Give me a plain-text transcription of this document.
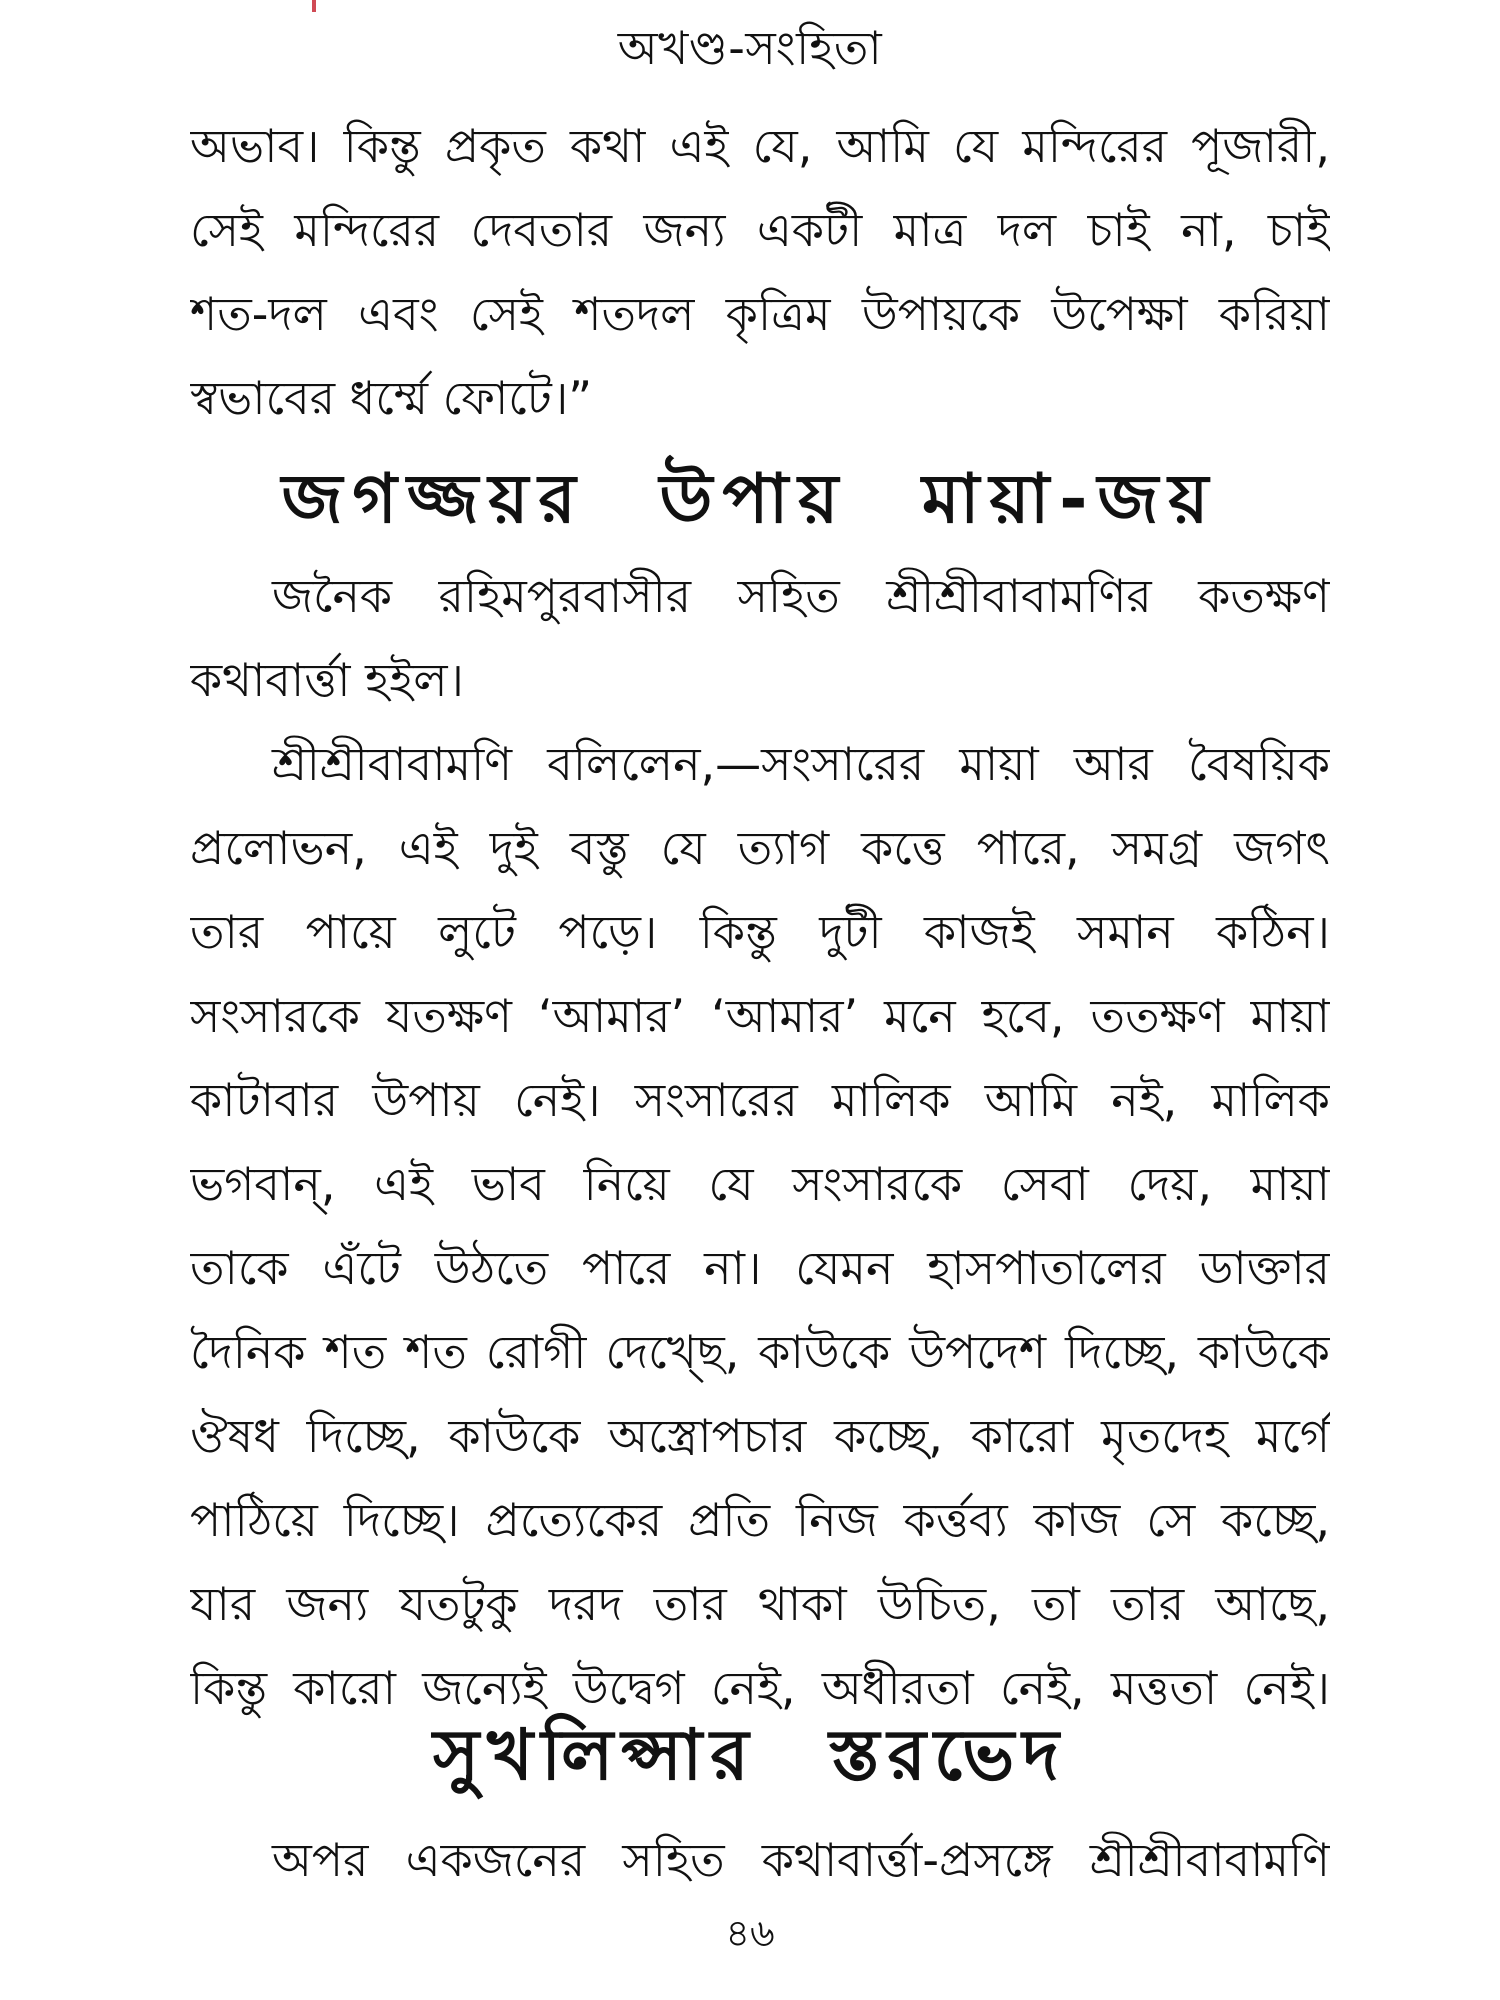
অখণ্ড-সংহিতা
অভাব। কিন্তু প্রকৃত কথা এই যে, আমি যে মন্দিরের পূজারী,
সেই মন্দিরের দেবতার জন্য একটী মাত্র দল চাই না, চাই
শত-দল এবং সেই শতদল কৃত্রিম উপায়কে উপেক্ষা করিয়া
স্বভাবের ধর্ম্মে ফোটে।”
জগজ্জয়র উপায় মায়া-জয়
জনৈক রহিমপুরবাসীর সহিত শ্রীশ্রীবাবামণির কতক্ষণ
কথাবার্ত্তা হইল।
শ্রীশ্রীবাবামণি বলিলেন,—সংসারের মায়া আর বৈষয়িক
প্রলোভন, এই দুই বস্তু যে ত্যাগ কত্তে পারে, সমগ্র জগৎ
তার পায়ে লুটে পড়ে। কিন্তু দুটী কাজই সমান কঠিন।
সংসারকে যতক্ষণ ‘আমার’ ‘আমার’ মনে হবে, ততক্ষণ মায়া
কাটাবার উপায় নেই। সংসারের মালিক আমি নই, মালিক
ভগবান্, এই ভাব নিয়ে যে সংসারকে সেবা দেয়, মায়া
তাকে এঁটে উঠতে পারে না। যেমন হাসপাতালের ডাক্তার
দৈনিক শত শত রোগী দেখ্ছে, কাউকে উপদেশ দিচ্ছে, কাউকে
ঔষধ দিচ্ছে, কাউকে অস্ত্রোপচার কচ্ছে, কারো মৃতদেহ মর্গে
পাঠিয়ে দিচ্ছে। প্রত্যেকের প্রতি নিজ কর্ত্তব্য কাজ সে কচ্ছে,
যার জন্য যতটুকু দরদ তার থাকা উচিত, তা তার আছে,
কিন্তু কারো জন্যেই উদ্বেগ নেই, অধীরতা নেই, মত্ততা নেই।
সুখলিপ্সার স্তরভেদ
অপর একজনের সহিত কথাবার্ত্তা-প্রসঙ্গে শ্রীশ্রীবাবামণি
৪৬
